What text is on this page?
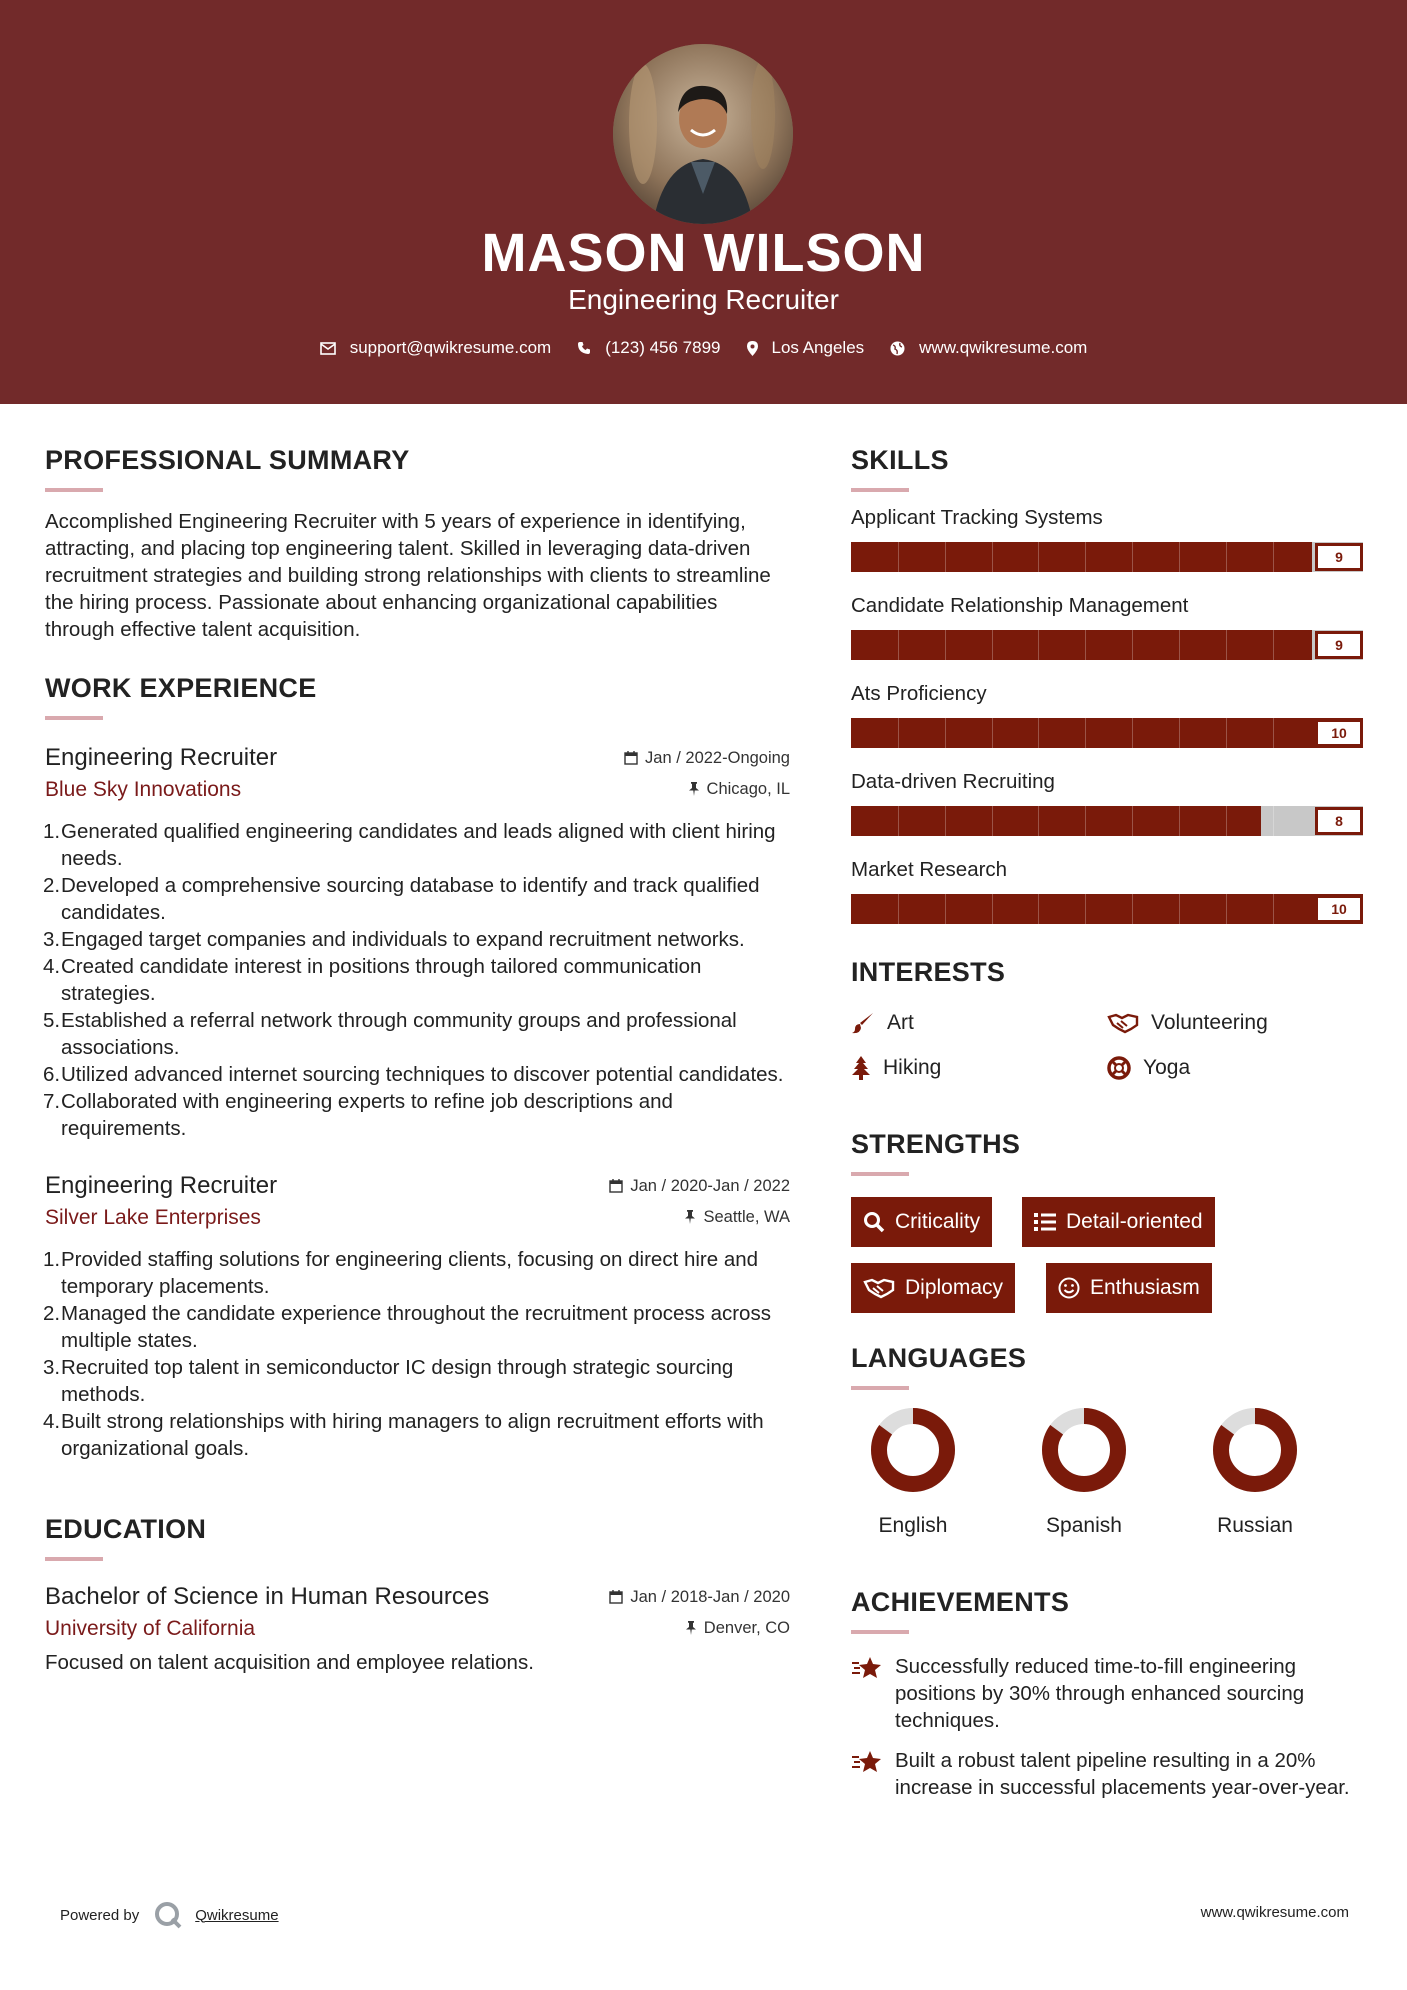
MASON WILSON
Engineering Recruiter
support@qwikresume.com	(123) 456 7899	Los Angeles	www.qwikresume.com
PROFESSIONAL SUMMARY

Accomplished Engineering Recruiter with 5 years of experience in identifying, attracting, and placing top engineering talent. Skilled in leveraging data-driven recruitment strategies and building strong relationships with clients to streamline the hiring process. Passionate about enhancing organizational capabilities through effective talent acquisition.

WORK EXPERIENCE
Engineering Recruiter	Jan / 2022-Ongoing
Blue Sky Innovations	Chicago, IL
1. Generated qualified engineering candidates and leads aligned with client hiring needs.
2. Developed a comprehensive sourcing database to identify and track qualified candidates.
3. Engaged target companies and individuals to expand recruitment networks.
4. Created candidate interest in positions through tailored communication strategies.
5. Established a referral network through community groups and professional associations.
6. Utilized advanced internet sourcing techniques to discover potential candidates.
7. Collaborated with engineering experts to refine job descriptions and requirements.
Engineering Recruiter	Jan / 2020-Jan / 2022
Silver Lake Enterprises	Seattle, WA
1. Provided staffing solutions for engineering clients, focusing on direct hire and temporary placements.
2. Managed the candidate experience throughout the recruitment process across multiple states.
3. Recruited top talent in semiconductor IC design through strategic sourcing methods.
4. Built strong relationships with hiring managers to align recruitment efforts with organizational goals.
EDUCATION
Bachelor of Science in Human Resources	Jan / 2018-Jan / 2020
University of California	Denver, CO

Focused on talent acquisition and employee relations.

SKILLS
Applicant Tracking Systems
9
Candidate Relationship Management
9
Ats Proficiency
10
Data-driven Recruiting
8
Market Research
10
INTERESTS
Art	Volunteering
Hiking	Yoga
STRENGTHS
Criticality	Detail-oriented
Diplomacy	Enthusiasm
LANGUAGES
English	Spanish	Russian
ACHIEVEMENTS
Successfully reduced time-to-fill engineering positions by 30% through enhanced sourcing techniques.
Built a robust talent pipeline resulting in a 20% increase in successful placements year-over-year.
Powered by	Qwikresume	www.qwikresume.com
